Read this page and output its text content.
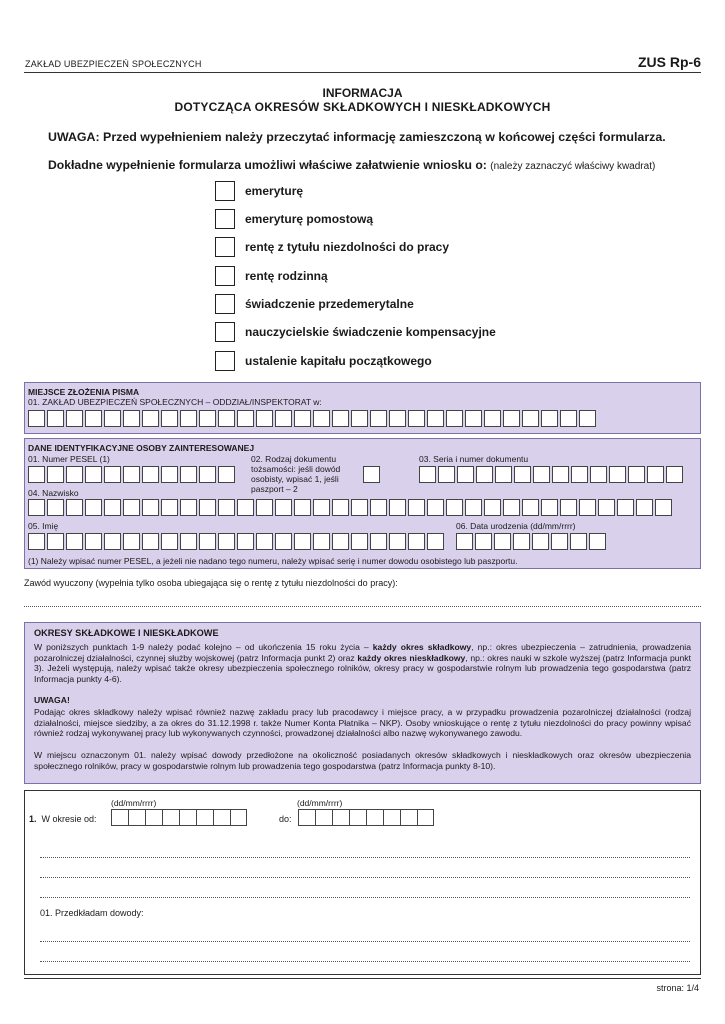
ZAKŁAD UBEZPIECZEŃ SPOŁECZNYCH	ZUS Rp-6
INFORMACJA
DOTYCZĄCA OKRESÓW SKŁADKOWYCH I NIESKŁADKOWYCH
UWAGA: Przed wypełnieniem należy przeczytać informację zamieszczoną w końcowej części formularza.
Dokładne wypełnienie formularza umożliwi właściwe załatwienie wniosku o: (należy zaznaczyć właściwy kwadrat)
emeryturę
emeryturę pomostową
rentę z tytułu niezdolności do pracy
rentę rodzinną
świadczenie przedemerytalne
nauczycielskie świadczenie kompensacyjne
ustalenie kapitału początkowego
MIEJSCE ZŁOŻENIA PISMA
01. ZAKŁAD UBEZPIECZEŃ SPOŁECZNYCH – ODDZIAŁ/INSPEKTORAT w:
DANE IDENTYFIKACYJNE OSOBY ZAINTERESOWANEJ
01. Numer PESEL (1)	02. Rodzaj dokumentu
tożsamości: jeśli dowód
osobisty, wpisać 1, jeśli
paszport – 2
03. Seria i numer dokumentu
04. Nazwisko
05. Imię	06. Data urodzenia (dd/mm/rrrr)
(1) Należy wpisać numer PESEL, a jeżeli nie nadano tego numeru, należy wpisać serię i numer dowodu osobistego lub paszportu.
Zawód wyuczony (wypełnia tylko osoba ubiegająca się o rentę z tytułu niezdolności do pracy):
OKRESY SKŁADKOWE I NIESKŁADKOWE
W poniższych punktach 1-9 należy podać kolejno – od ukończenia 15 roku życia – każdy okres składkowy, np.: okres ubezpieczenia – zatrudnienia, prowadzenia pozarolniczej działalności, czynnej służby wojskowej (patrz Informacja punkt 2) oraz każdy okres nieskładkowy, np.: okres nauki w szkole wyższej (patrz Informacja punkt 3). Jeżeli występują, należy wpisać także okresy ubezpieczenia społecznego rolników, okresy pracy w gospodarstwie rolnym lub prowadzenia tego gospodarstwa (patrz Informacja punkty 4-6).
UWAGA!
Podając okres składkowy należy wpisać również nazwę zakładu pracy lub pracodawcy i miejsce pracy, a w przypadku prowadzenia pozarolniczej działalności (rodzaj działalności, miejsce siedziby, a za okres do 31.12.1998 r. także Numer Konta Płatnika – NKP). Osoby wnioskujące o rentę z tytułu niezdolności do pracy powinny wpisać również rodzaj wykonywanej pracy lub wykonywanych czynności, prowadzonej działalności albo nazwę wykonywanego zawodu.
W miejscu oznaczonym 01. należy wpisać dowody przedłożone na okoliczność posiadanych okresów składkowych i nieskładkowych oraz okresów ubezpieczenia społecznego rolników, pracy w gospodarstwie rolnym lub prowadzenia tego gospodarstwa (patrz Informacja punkty 8-10).
(dd/mm/rrrr)	(dd/mm/rrrr)
1. W okresie od:	do:
01. Przedkładam dowody:
strona: 1/4
